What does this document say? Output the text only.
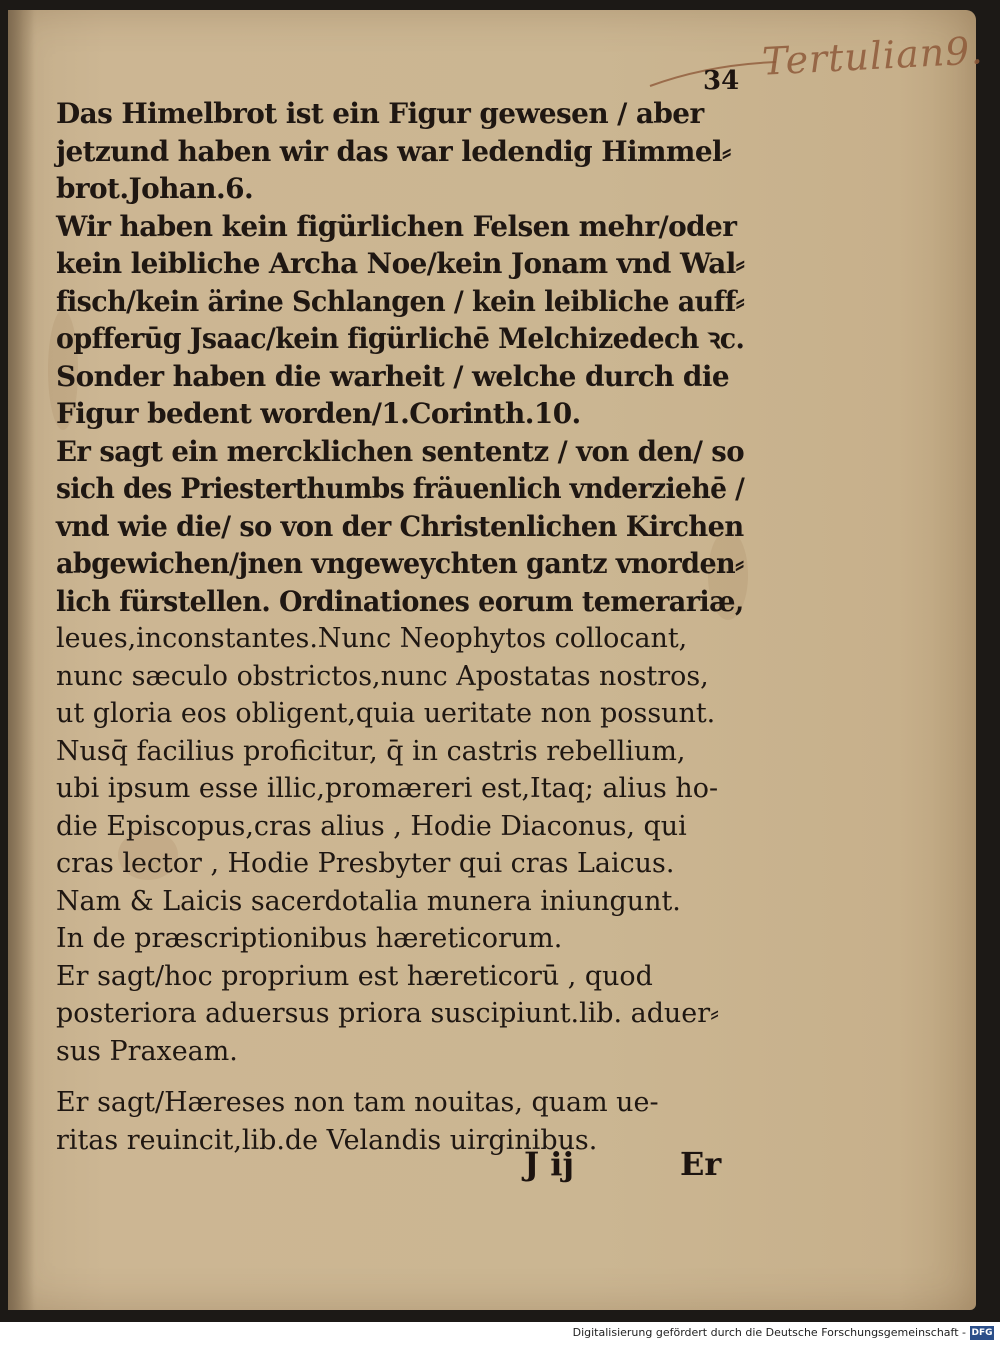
Tertulian9.
34
Das Himelbrot ist ein Figur gewesen / aber
jetzund haben wir das war ledendig Himmel⸗
brot.Johan.6.
Wir haben kein figürlichen Felsen mehr/oder
kein leibliche Archa Noe/kein Jonam vnd Wal⸗
fisch/kein ärine Schlangen / kein leibliche auff⸗
opfferūg Jsaac/kein figürlichē Melchizedech ꝛc.
Sonder haben die warheit / welche durch die
Figur bedent worden/1.Corinth.10.
Er sagt ein mercklichen sententz / von den/ so
sich des Priesterthumbs fräuenlich vnderziehē /
vnd wie die/ so von der Christenlichen Kirchen
abgewichen/jnen vngeweychten gantz vnorden⸗
lich fürstellen. Ordinationes eorum temerariæ,
leues,inconstantes.Nunc Neophytos collocant,
nunc sæculo obstrictos,nunc Apostatas nostros,
ut gloria eos obligent,quia ueritate non possunt.
Nusq̄ facilius proficitur, q̄ in castris rebellium,
ubi ipsum esse illic,promæreri est,Itaq; alius ho-
die Episcopus,cras alius , Hodie Diaconus, qui
cras lector , Hodie Presbyter qui cras Laicus.
Nam & Laicis sacerdotalia munera iniungunt.
In de præscriptionibus hæreticorum.
Er sagt/hoc proprium est hæreticorū , quod
posteriora aduersus priora suscipiunt.lib. aduer⸗
sus Praxeam.
Er sagt/Hæreses non tam nouitas, quam ue-
ritas reuincit,lib.de Velandis uirginibus.
J ij	Er
Digitalisierung gefördert durch die Deutsche Forschungsgemeinschaft - DFG
